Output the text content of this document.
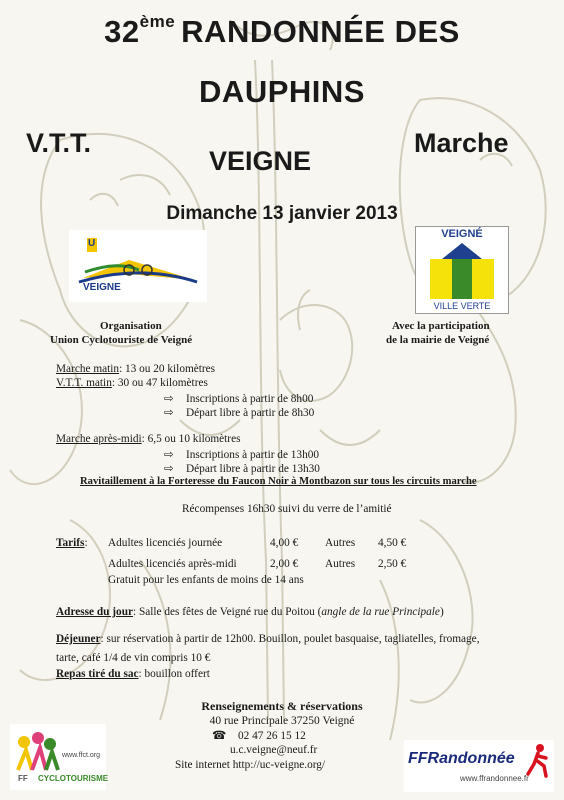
32ème RANDONNÉE DES
DAUPHINS
V.T.T.	Marche
VEIGNE
Dimanche 13 janvier 2013
U
VEIGNE
VEIGNÉ
VILLE VERTE
Organisation
Union Cyclotouriste de Veigné
Avec la participation
de la mairie de Veigné
Marche matin: 13 ou 20 kilomètres
V.T.T. matin: 30 ou 47 kilomètres
⇨ Inscriptions à partir de 8h00
⇨ Départ libre à partir de 8h30
Marche après-midi: 6,5 ou 10 kilomètres
⇨ Inscriptions à partir de 13h00
⇨ Départ libre à partir de 13h30
Ravitaillement à la Forteresse du Faucon Noir à Montbazon sur tous les circuits marche
Récompenses 16h30 suivi du verre de l’amitié
Tarifs: Adultes licenciés journée	4,00 € Autres 4,50 €
Adultes licenciés après-midi	2,00 € Autres 2,50 €
Gratuit pour les enfants de moins de 14 ans
Adresse du jour: Salle des fêtes de Veigné rue du Poitou (angle de la rue Principale)
Déjeuner: sur réservation à partir de 12h00. Bouillon, poulet basquaise, tagliatelles, fromage,
tarte, café 1/4 de vin compris 10 €
Repas tiré du sac: bouillon offert
Renseignements & réservations
40 rue Principale 37250 Veigné
☎ 02 47 26 15 12
u.c.veigne@neuf.fr
Site internet http://uc-veigne.org/
www.ffct.org
FF CYCLOTOURISME
FFRandonnée
www.ffrandonnee.fr
